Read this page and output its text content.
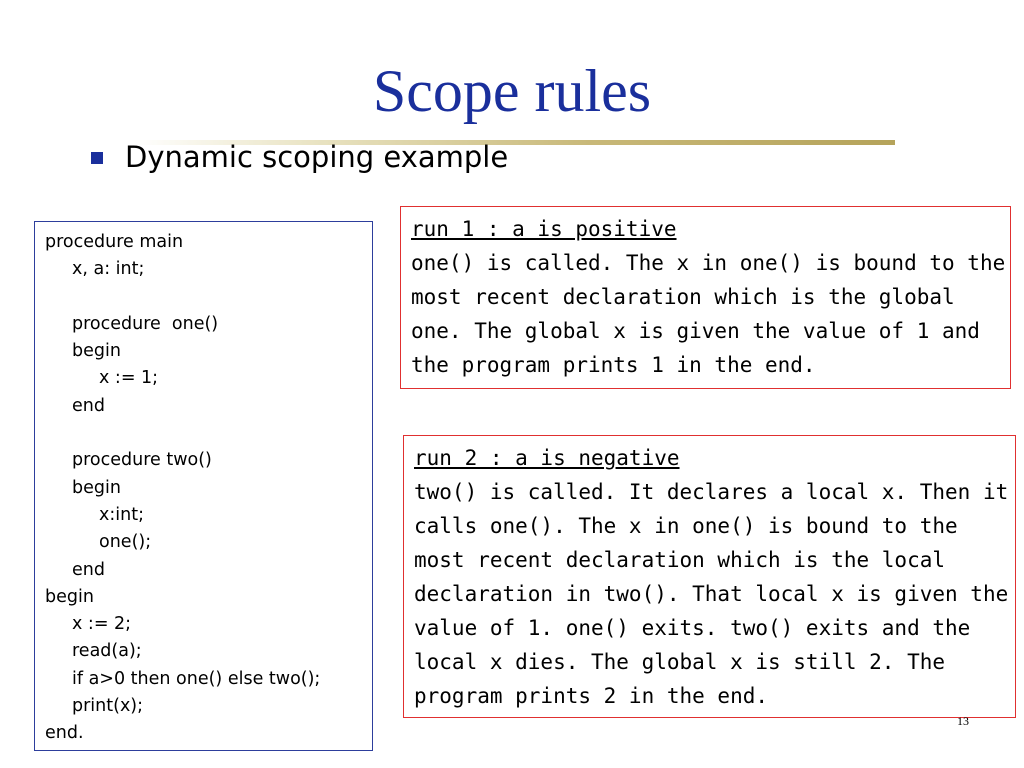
Scope rules
Dynamic scoping example
procedure main
x, a: int;
procedure  one()
begin
x := 1;
end
procedure two()
begin
x:int;
one();
end
begin
x := 2;
read(a);
if a>0 then one() else two();
print(x);
end.
run 1 : a is positive
one() is called. The x in one() is bound to the
most recent declaration which is the global
one. The global x is given the value of 1 and
the program prints 1 in the end.
run 2 : a is negative
two() is called. It declares a local x. Then it
calls one(). The x in one() is bound to the
most recent declaration which is the local
declaration in two(). That local x is given the
value of 1. one() exits. two() exits and the
local x dies. The global x is still 2. The
program prints 2 in the end.
13
